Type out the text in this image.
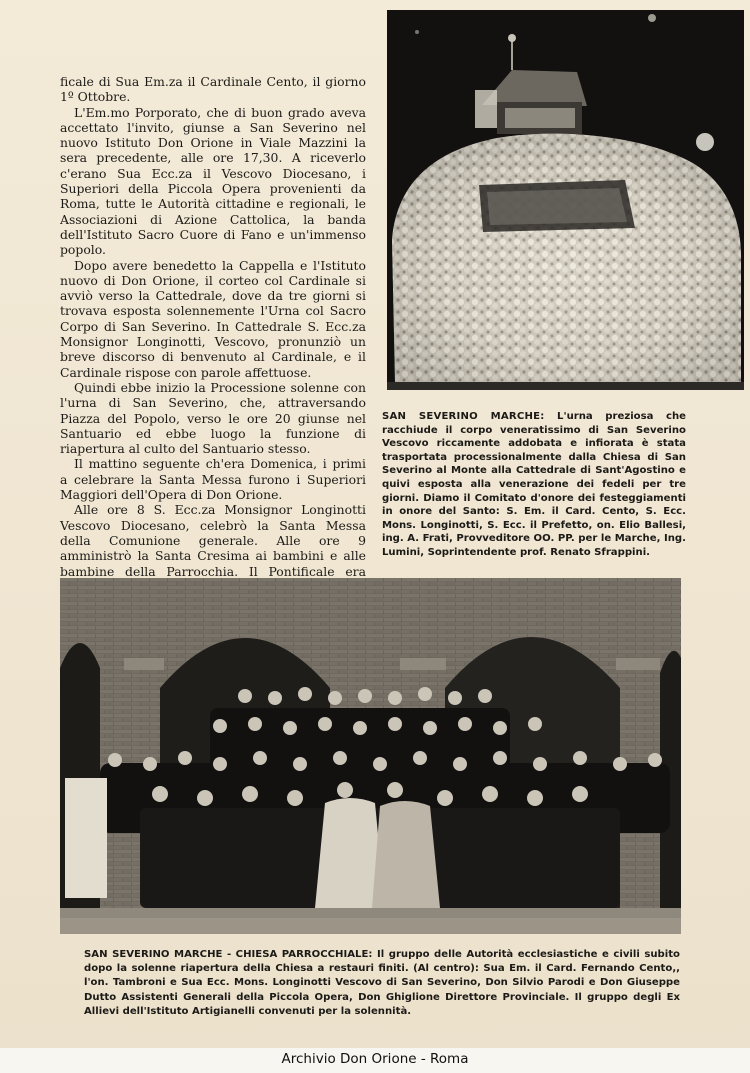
ficale di Sua Em.za il Cardinale Cento, il giorno 1º Ottobre.

L'Em.mo Porporato, che di buon grado aveva accettato l'invito, giunse a San Severino nel nuovo Istituto Don Orione in Viale Mazzini la sera precedente, alle ore 17,30. A riceverlo c'erano Sua Ecc.za il Vescovo Diocesano, i Superiori della Piccola Opera provenienti da Roma, tutte le Autorità cittadine e regionali, le Associazioni di Azione Cattolica, la banda dell'Istituto Sacro Cuore di Fano e un'immenso popolo.

Dopo avere benedetto la Cappella e l'Istituto nuovo di Don Orione, il corteo col Cardinale si avviò verso la Cattedrale, dove da tre giorni si trovava esposta solennemente l'Urna col Sacro Corpo di San Severino. In Cattedrale S. Ecc.za Monsignor Longinotti, Vescovo, pronunziò un breve discorso di benvenuto al Cardinale, e il Cardinale rispose con parole affettuose.

Quindi ebbe inizio la Processione solenne con l'urna di San Severino, che, attraversando Piazza del Popolo, verso le ore 20 giunse nel Santuario ed ebbe luogo la funzione di riapertura al culto del Santuario stesso.

Il mattino seguente ch'era Domenica, i primi a celebrare la Santa Messa furono i Superiori Maggiori dell'Opera di Don Orione.

Alle ore 8 S. Ecc.za Monsignor Longinotti Vescovo Diocesano, celebrò la Santa Messa della Comunione generale. Alle ore 9 amministrò la Santa Cresima ai bambini e alle bambine della Parrocchia. Il Pontificale era

SAN SEVERINO MARCHE: L'urna preziosa che racchiude il corpo veneratissimo di San Severino Vescovo riccamente addobata e infiorata è stata trasportata processionalmente dalla Chiesa di San Severino al Monte alla Cattedrale di Sant'Agostino e quivi esposta alla venerazione dei fedeli per tre giorni. Diamo il Comitato d'onore dei festeggiamenti in onore del Santo: S. Em. il Card. Cento, S. Ecc. Mons. Longinotti, S. Ecc. il Prefetto, on. Elio Ballesi, ing. A. Frati, Provveditore OO. PP. per le Marche, Ing. Lumini, Soprintendente prof. Renato Sfrappini.
SAN SEVERINO MARCHE - CHIESA PARROCCHIALE: Il gruppo delle Autorità ecclesiastiche e civili subito dopo la solenne riapertura della Chiesa a restauri finiti. (Al centro): Sua Em. il Card. Fernando Cento,, l'on. Tambroni e Sua Ecc. Mons. Longinotti Vescovo di San Severino, Don Silvio Parodi e Don Giuseppe Dutto Assistenti Generali della Piccola Opera, Don Ghiglione Direttore Provinciale. Il gruppo degli Ex Allievi dell'Istituto Artigianelli convenuti per la solennità.
Archivio Don Orione - Roma
